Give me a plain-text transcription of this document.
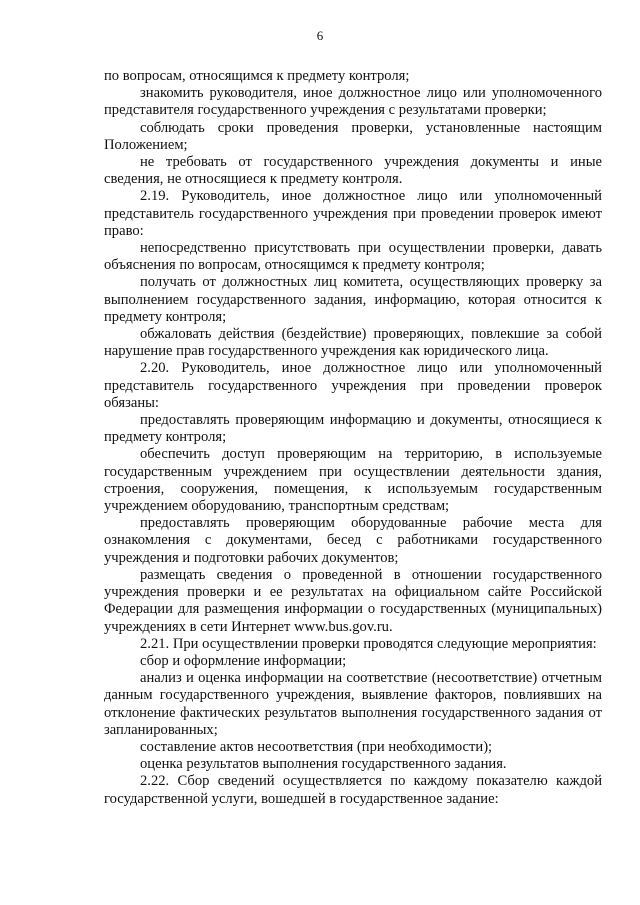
6

по вопросам, относящимся к предмету контроля;

знакомить руководителя, иное должностное лицо или уполномоченного представителя государственного учреждения с результатами проверки;

соблюдать сроки проведения проверки, установленные настоящим Положением;

не требовать от государственного учреждения документы и иные сведения, не относящиеся к предмету контроля.

2.19. Руководитель, иное должностное лицо или уполномоченный представитель государственного учреждения при проведении проверок имеют право:

непосредственно присутствовать при осуществлении проверки, давать объяснения по вопросам, относящимся к предмету контроля;

получать от должностных лиц комитета, осуществляющих проверку за выполнением государственного задания, информацию, которая относится к предмету контроля;

обжаловать действия (бездействие) проверяющих, повлекшие за собой нарушение прав государственного учреждения как юридического лица.

2.20. Руководитель, иное должностное лицо или уполномоченный представитель государственного учреждения при проведении проверок обязаны:

предоставлять проверяющим информацию и документы, относящиеся к предмету контроля;

обеспечить доступ проверяющим на территорию, в используемые государственным учреждением при осуществлении деятельности здания, строения, сооружения, помещения, к используемым государственным учреждением оборудованию, транспортным средствам;

предоставлять проверяющим оборудованные рабочие места для ознакомления с документами, бесед с работниками государственного учреждения и подготовки рабочих документов;

размещать сведения о проведенной в отношении государственного учреждения проверки и ее результатах на официальном сайте Российской Федерации для размещения информации о государственных (муниципальных) учреждениях в сети Интернет www.bus.gov.ru.

2.21. При осуществлении проверки проводятся следующие мероприятия:

сбор и оформление информации;

анализ и оценка информации на соответствие (несоответствие) отчетным данным государственного учреждения, выявление факторов, повлиявших на отклонение фактических результатов выполнения государственного задания от запланированных;

составление актов несоответствия (при необходимости);

оценка результатов выполнения государственного задания.

2.22. Сбор сведений осуществляется по каждому показателю каждой государственной услуги, вошедшей в государственное задание:
